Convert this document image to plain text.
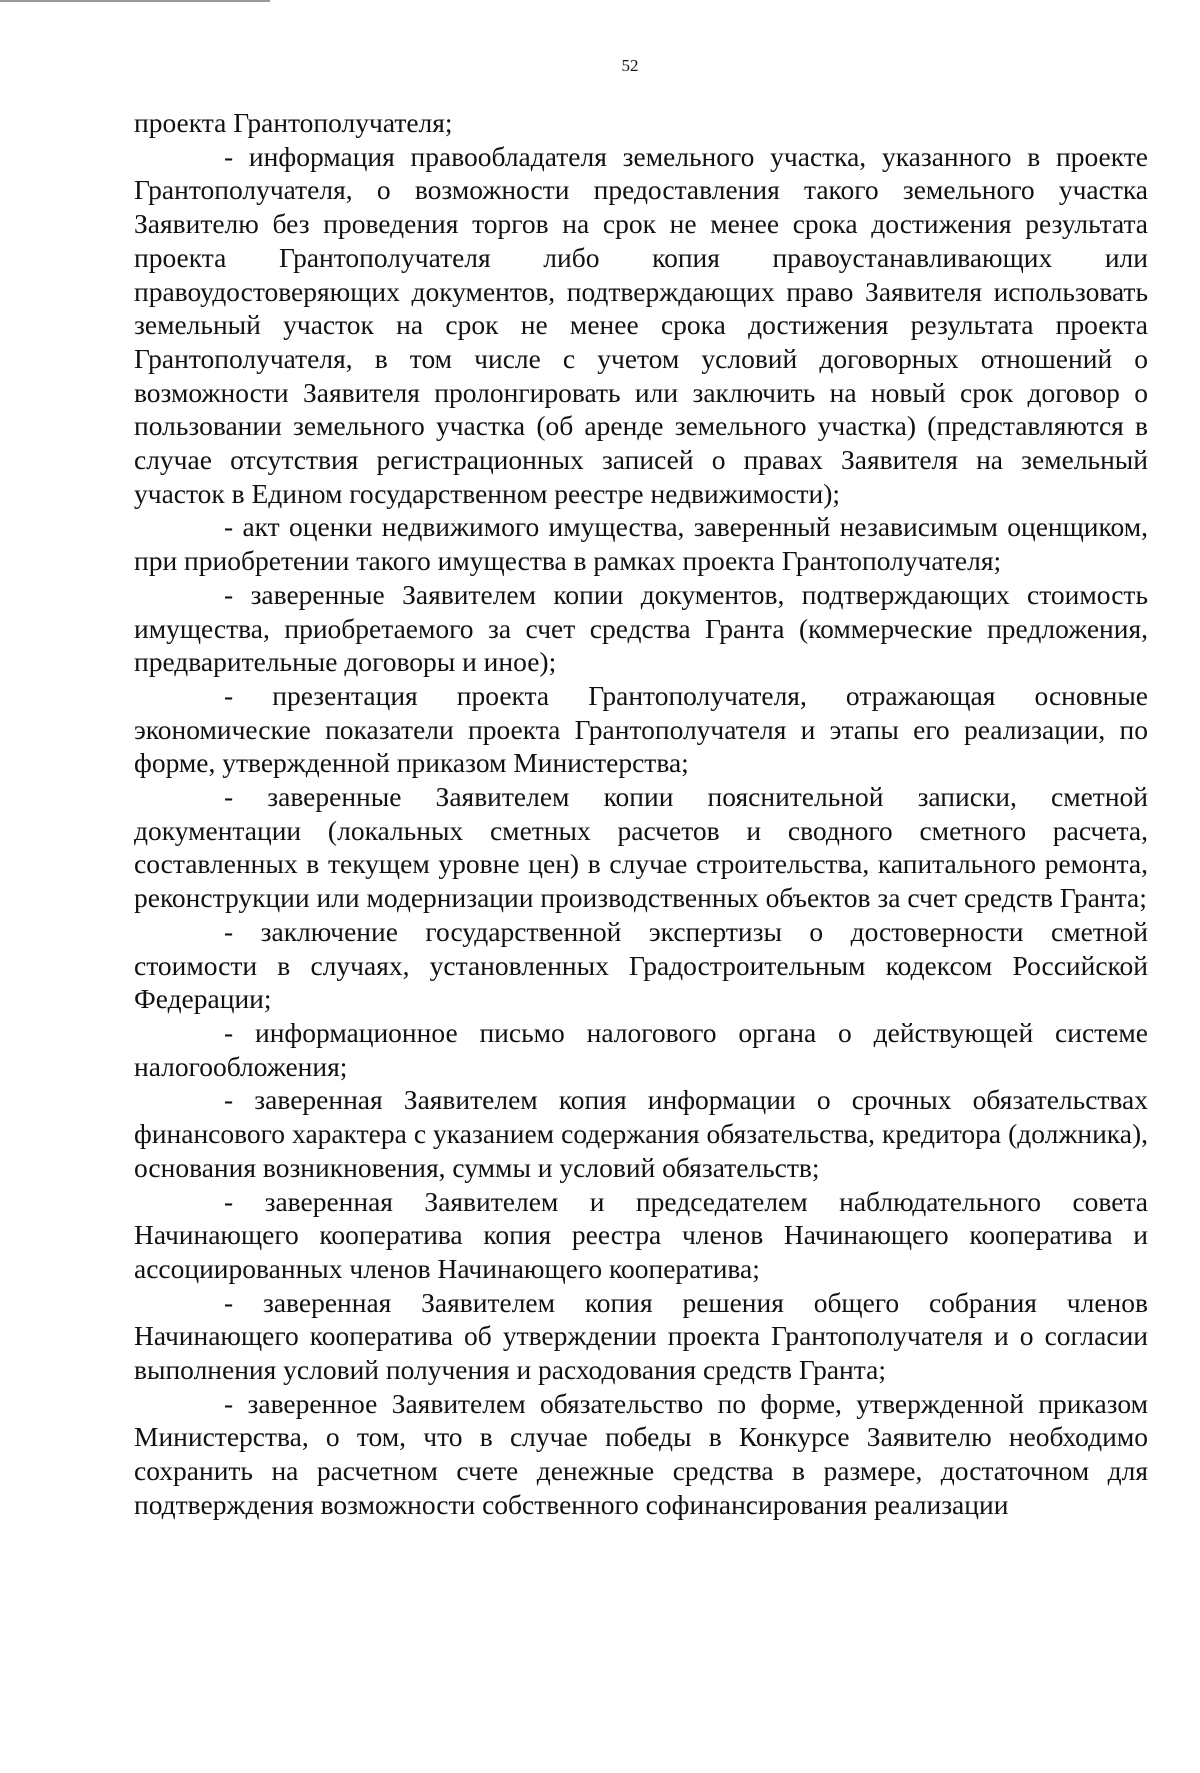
52

проекта Грантополучателя;

- информация правообладателя земельного участка, указанного в проекте Грантополучателя, о возможности предоставления такого земельного участка Заявителю без проведения торгов на срок не менее срока достижения результата проекта Грантополучателя либо копия правоустанавливающих или правоудостоверяющих документов, подтверждающих право Заявителя использовать земельный участок на срок не менее срока достижения результата проекта Грантополучателя, в том числе с учетом условий договорных отношений о возможности Заявителя пролонгировать или заключить на новый срок договор о пользовании земельного участка (об аренде земельного участка) (представляются в случае отсутствия регистрационных записей о правах Заявителя на земельный участок в Едином государственном реестре недвижимости);

- акт оценки недвижимого имущества, заверенный независимым оценщиком, при приобретении такого имущества в рамках проекта Грантополучателя;

- заверенные Заявителем копии документов, подтверждающих стоимость имущества, приобретаемого за счет средства Гранта (коммерческие предложения, предварительные договоры и иное);

- презентация проекта Грантополучателя, отражающая основные экономические показатели проекта Грантополучателя и этапы его реализации, по форме, утвержденной приказом Министерства;

- заверенные Заявителем копии пояснительной записки, сметной документации (локальных сметных расчетов и сводного сметного расчета, составленных в текущем уровне цен) в случае строительства, капитального ремонта, реконструкции или модернизации производственных объектов за счет средств Гранта;

- заключение государственной экспертизы о достоверности сметной стоимости в случаях, установленных Градостроительным кодексом Российской Федерации;

- информационное письмо налогового органа о действующей системе налогообложения;

- заверенная Заявителем копия информации о срочных обязательствах финансового характера с указанием содержания обязательства, кредитора (должника), основания возникновения, суммы и условий обязательств;

- заверенная Заявителем и председателем наблюдательного совета Начинающего кооператива копия реестра членов Начинающего кооператива и ассоциированных членов Начинающего кооператива;

- заверенная Заявителем копия решения общего собрания членов Начинающего кооператива об утверждении проекта Грантополучателя и о согласии выполнения условий получения и расходования средств Гранта;

- заверенное Заявителем обязательство по форме, утвержденной приказом Министерства, о том, что в случае победы в Конкурсе Заявителю необходимо сохранить на расчетном счете денежные средства в размере, достаточном для подтверждения возможности собственного софинансирования реализации
